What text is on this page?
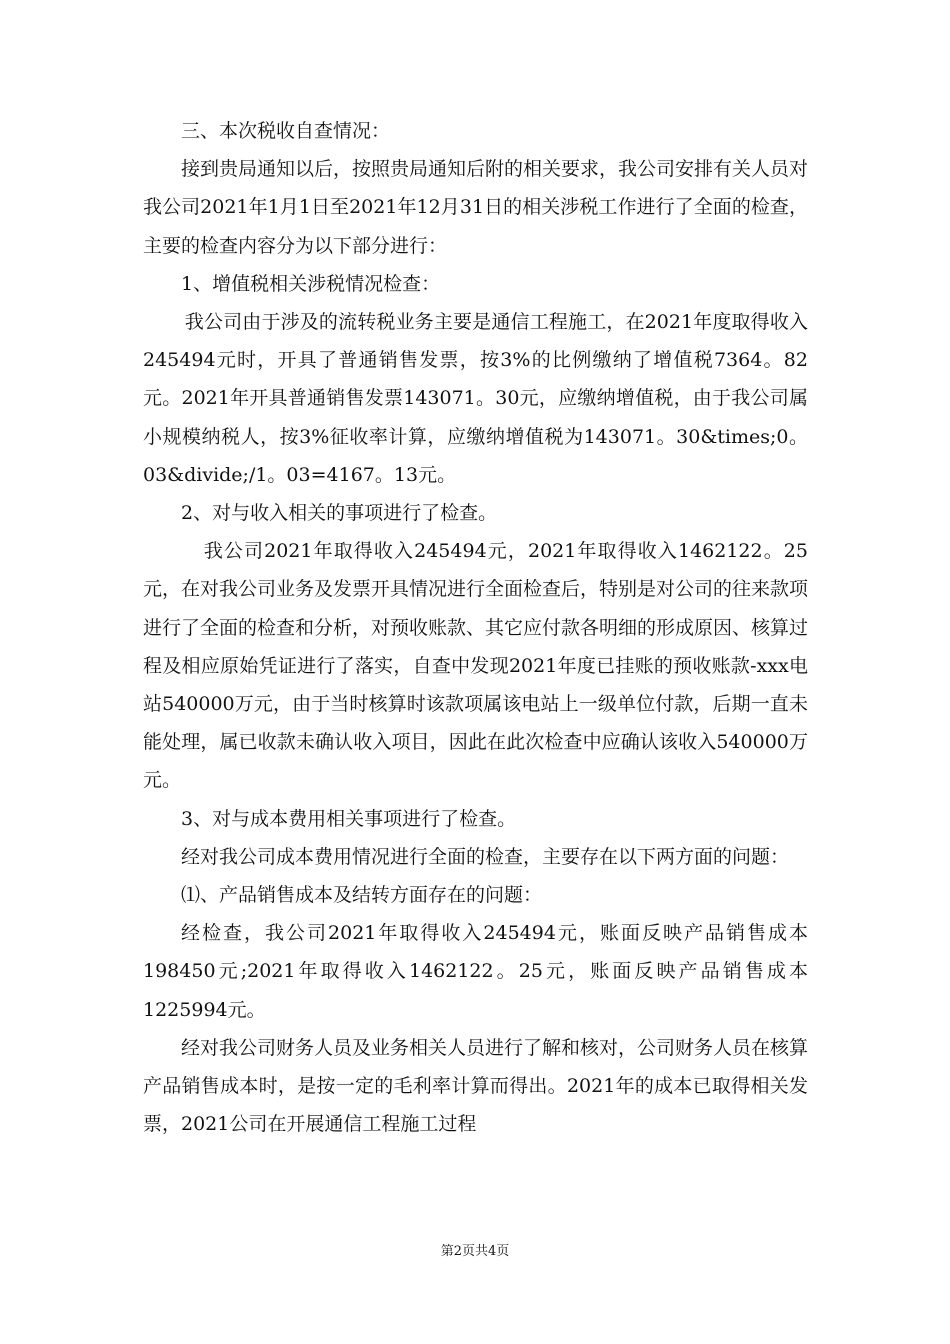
三、本次税收自查情况：

接到贵局通知以后，按照贵局通知后附的相关要求，我公司安排有关人员对我公司2021年1月1日至2021年12月31日的相关涉税工作进行了全面的检查，主要的检查内容分为以下部分进行：

1、增值税相关涉税情况检查：

我公司由于涉及的流转税业务主要是通信工程施工，在2021年度取得收入245494元时，开具了普通销售发票，按3%的比例缴纳了增值税7364。82元。2021年开具普通销售发票143071。30元，应缴纳增值税，由于我公司属小规模纳税人，按3%征收率计算，应缴纳增值税为143071。30&times;0。03&divide;/1。03=4167。13元。

2、对与收入相关的事项进行了检查。

我公司2021年取得收入245494元，2021年取得收入1462122。25元，在对我公司业务及发票开具情况进行全面检查后，特别是对公司的往来款项进行了全面的检查和分析，对预收账款、其它应付款各明细的形成原因、核算过程及相应原始凭证进行了落实，自查中发现2021年度已挂账的预收账款-xxx电站540000万元，由于当时核算时该款项属该电站上一级单位付款，后期一直未能处理，属已收款未确认收入项目，因此在此次检查中应确认该收入540000万元。

3、对与成本费用相关事项进行了检查。

经对我公司成本费用情况进行全面的检查，主要存在以下两方面的问题：

⑴、产品销售成本及结转方面存在的问题：

经检查，我公司2021年取得收入245494元，账面反映产品销售成本198450元;2021年取得收入1462122。25元，账面反映产品销售成本1225994元。

经对我公司财务人员及业务相关人员进行了解和核对，公司财务人员在核算产品销售成本时，是按一定的毛利率计算而得出。2021年的成本已取得相关发票，2021公司在开展通信工程施工过程

第2页共4页
